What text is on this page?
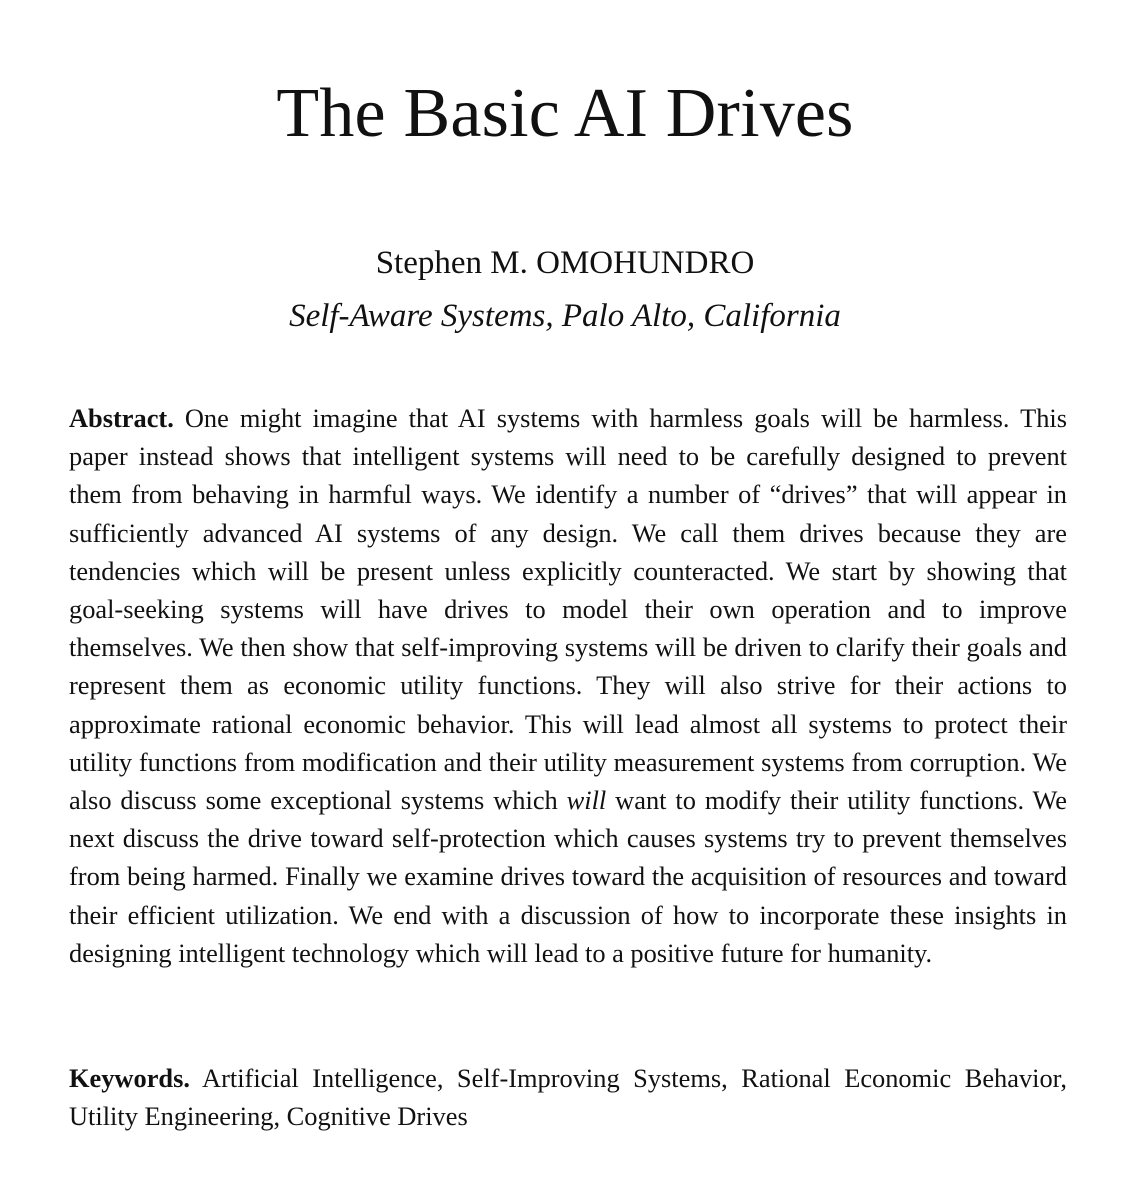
The Basic AI Drives

Stephen M. OMOHUNDRO

Self-Aware Systems, Palo Alto, California

Abstract. One might imagine that AI systems with harmless goals will be harmless. This paper instead shows that intelligent systems will need to be carefully designed to prevent them from behaving in harmful ways. We identify a number of “drives” that will appear in sufficiently advanced AI systems of any design. We call them drives because they are tendencies which will be present unless explicitly counteracted. We start by showing that goal-seeking systems will have drives to model their own operation and to improve themselves. We then show that self-improving systems will be driven to clarify their goals and represent them as economic utility functions. They will also strive for their actions to approximate rational economic behavior. This will lead almost all systems to protect their utility functions from modification and their utility measurement systems from corruption. We also discuss some exceptional systems which will want to modify their utility functions. We next discuss the drive toward self-protection which causes systems try to prevent themselves from being harmed. Finally we examine drives toward the acquisition of resources and toward their efficient utilization. We end with a discussion of how to incorporate these insights in designing intelligent technology which will lead to a positive future for humanity.

Keywords. Artificial Intelligence, Self-Improving Systems, Rational Economic Behavior, Utility Engineering, Cognitive Drives
